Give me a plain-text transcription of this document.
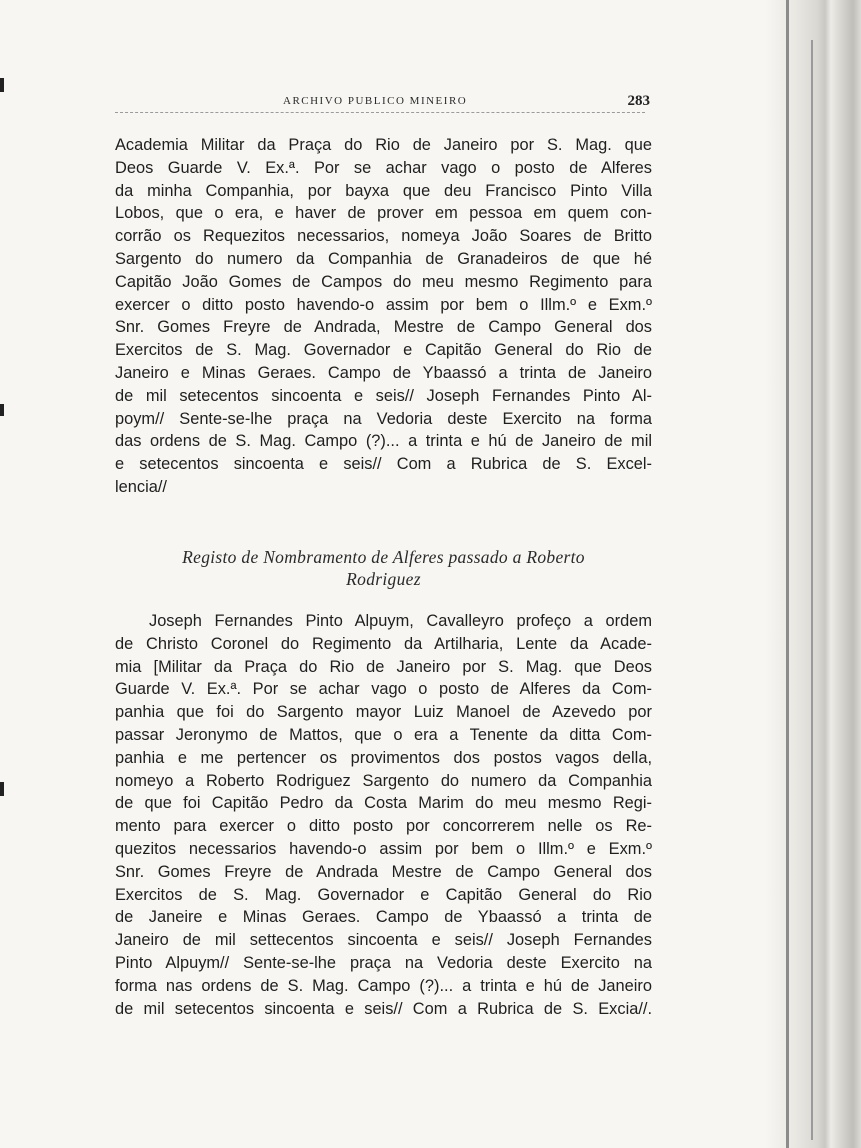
ARCHIVO PUBLICO MINEIRO	283
Academia Militar da Praça do Rio de Janeiro por S. Mag. que
Deos Guarde V. Ex.ª. Por se achar vago o posto de Alferes
da minha Companhia, por bayxa que deu Francisco Pinto Villa
Lobos, que o era, e haver de prover em pessoa em quem con-
corrão os Requezitos necessarios, nomeya João Soares de Britto
Sargento do numero da Companhia de Granadeiros de que hé
Capitão João Gomes de Campos do meu mesmo Regimento para
exercer o ditto posto havendo-o assim por bem o Illm.º e Exm.º
Snr. Gomes Freyre de Andrada, Mestre de Campo General dos
Exercitos de S. Mag. Governador e Capitão General do Rio de
Janeiro e Minas Geraes. Campo de Ybaassó a trinta de Janeiro
de mil setecentos sincoenta e seis// Joseph Fernandes Pinto Al-
poym// Sente-se-lhe praça na Vedoria deste Exercito na forma
das ordens de S. Mag. Campo (?)... a trinta e hú de Janeiro de mil
e setecentos sincoenta e seis// Com a Rubrica de S. Excel-
lencia//
Registo de Nombramento de Alferes passado a Roberto
Rodriguez
Joseph Fernandes Pinto Alpuym, Cavalleyro profeço a ordem
de Christo Coronel do Regimento da Artilharia, Lente da Acade-
mia [Militar da Praça do Rio de Janeiro por S. Mag. que Deos
Guarde V. Ex.ª. Por se achar vago o posto de Alferes da Com-
panhia que foi do Sargento mayor Luiz Manoel de Azevedo por
passar Jeronymo de Mattos, que o era a Tenente da ditta Com-
panhia e me pertencer os provimentos dos postos vagos della,
nomeyo a Roberto Rodriguez Sargento do numero da Companhia
de que foi Capitão Pedro da Costa Marim do meu mesmo Regi-
mento para exercer o ditto posto por concorrerem nelle os Re-
quezitos necessarios havendo-o assim por bem o Illm.º e Exm.º
Snr. Gomes Freyre de Andrada Mestre de Campo General dos
Exercitos de S. Mag. Governador e Capitão General do Rio
de Janeire e Minas Geraes. Campo de Ybaassó a trinta de
Janeiro de mil settecentos sincoenta e seis// Joseph Fernandes
Pinto Alpuym// Sente-se-lhe praça na Vedoria deste Exercito na
forma nas ordens de S. Mag. Campo (?)... a trinta e hú de Janeiro
de mil setecentos sincoenta e seis// Com a Rubrica de S. Excia//.
